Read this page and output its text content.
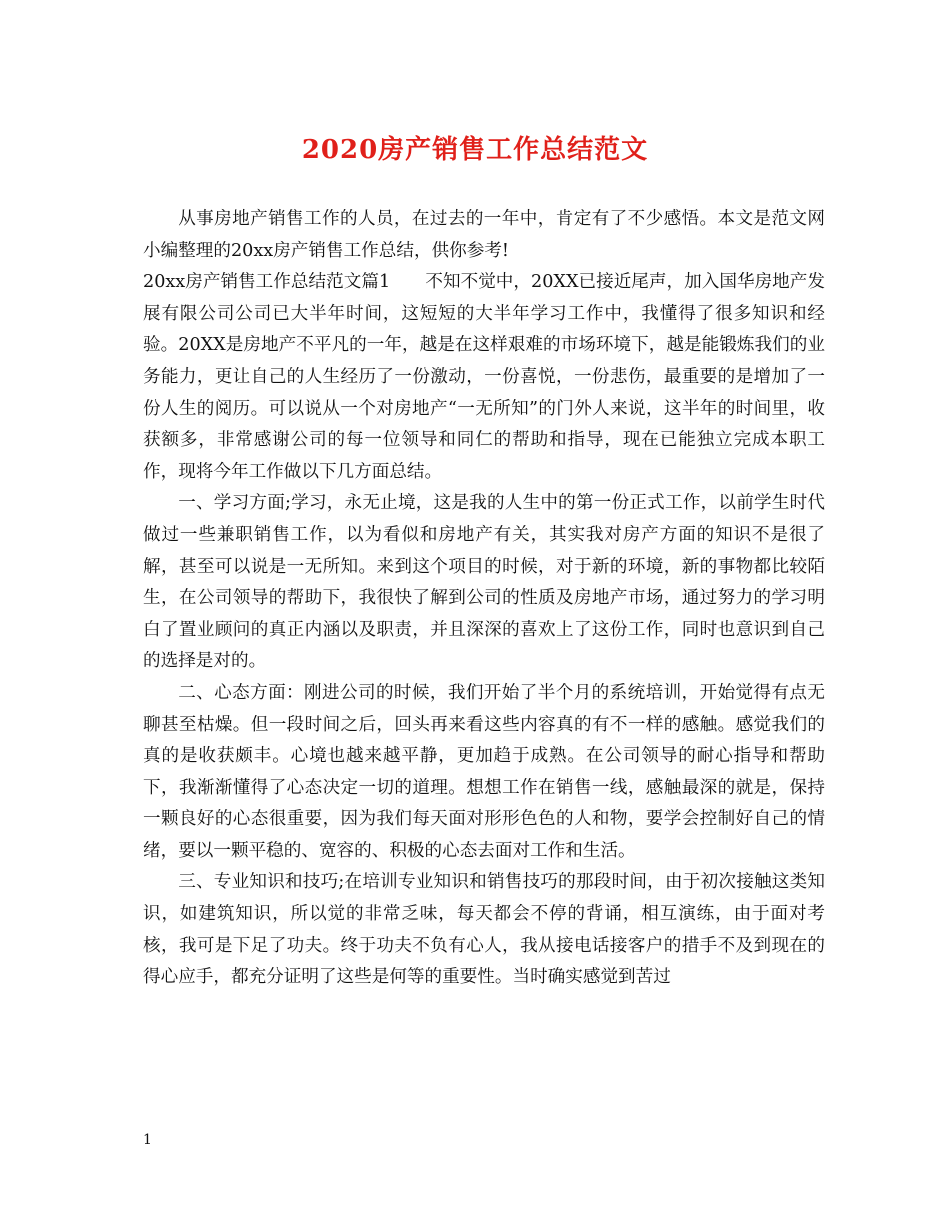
2020房产销售工作总结范文

从事房地产销售工作的人员，在过去的一年中，肯定有了不少感悟。本文是范文网小编整理的20xx房产销售工作总结，供你参考!

20xx房产销售工作总结范文篇1　　不知不觉中，20XX已接近尾声，加入国华房地产发展有限公司公司已大半年时间，这短短的大半年学习工作中，我懂得了很多知识和经验。20XX是房地产不平凡的一年，越是在这样艰难的市场环境下，越是能锻炼我们的业务能力，更让自己的人生经历了一份激动，一份喜悦，一份悲伤，最重要的是增加了一份人生的阅历。可以说从一个对房地产“一无所知”的门外人来说，这半年的时间里，收获额多，非常感谢公司的每一位领导和同仁的帮助和指导，现在已能独立完成本职工作，现将今年工作做以下几方面总结。

一、学习方面;学习，永无止境，这是我的人生中的第一份正式工作，以前学生时代做过一些兼职销售工作，以为看似和房地产有关，其实我对房产方面的知识不是很了解，甚至可以说是一无所知。来到这个项目的时候，对于新的环境，新的事物都比较陌生，在公司领导的帮助下，我很快了解到公司的性质及房地产市场，通过努力的学习明白了置业顾问的真正内涵以及职责，并且深深的喜欢上了这份工作，同时也意识到自己的选择是对的。

二、心态方面：刚进公司的时候，我们开始了半个月的系统培训，开始觉得有点无聊甚至枯燥。但一段时间之后，回头再来看这些内容真的有不一样的感触。感觉我们的真的是收获颇丰。心境也越来越平静，更加趋于成熟。在公司领导的耐心指导和帮助下，我渐渐懂得了心态决定一切的道理。想想工作在销售一线，感触最深的就是，保持一颗良好的心态很重要，因为我们每天面对形形色色的人和物，要学会控制好自己的情绪，要以一颗平稳的、宽容的、积极的心态去面对工作和生活。

三、专业知识和技巧;在培训专业知识和销售技巧的那段时间，由于初次接触这类知识，如建筑知识，所以觉的非常乏味，每天都会不停的背诵，相互演练，由于面对考核，我可是下足了功夫。终于功夫不负有心人，我从接电话接客户的措手不及到现在的得心应手，都充分证明了这些是何等的重要性。当时确实感觉到苦过

1
